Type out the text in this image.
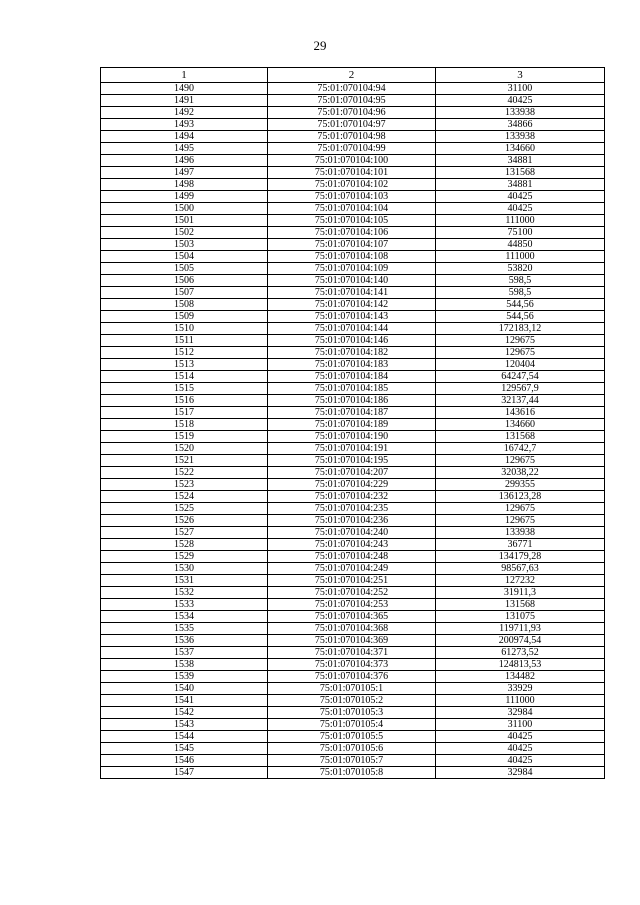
29
1	2	3
1490	75:01:070104:94	31100
1491	75:01:070104:95	40425
1492	75:01:070104:96	133938
1493	75:01:070104:97	34866
1494	75:01:070104:98	133938
1495	75:01:070104:99	134660
1496	75:01:070104:100	34881
1497	75:01:070104:101	131568
1498	75:01:070104:102	34881
1499	75:01:070104:103	40425
1500	75:01:070104:104	40425
1501	75:01:070104:105	111000
1502	75:01:070104:106	75100
1503	75:01:070104:107	44850
1504	75:01:070104:108	111000
1505	75:01:070104:109	53820
1506	75:01:070104:140	598,5
1507	75:01:070104:141	598,5
1508	75:01:070104:142	544,56
1509	75:01:070104:143	544,56
1510	75:01:070104:144	172183,12
1511	75:01:070104:146	129675
1512	75:01:070104:182	129675
1513	75:01:070104:183	120404
1514	75:01:070104:184	64247,54
1515	75:01:070104:185	129567,9
1516	75:01:070104:186	32137,44
1517	75:01:070104:187	143616
1518	75:01:070104:189	134660
1519	75:01:070104:190	131568
1520	75:01:070104:191	16742,7
1521	75:01:070104:195	129675
1522	75:01:070104:207	32038,22
1523	75:01:070104:229	299355
1524	75:01:070104:232	136123,28
1525	75:01:070104:235	129675
1526	75:01:070104:236	129675
1527	75:01:070104:240	133938
1528	75:01:070104:243	36771
1529	75:01:070104:248	134179,28
1530	75:01:070104:249	98567,63
1531	75:01:070104:251	127232
1532	75:01:070104:252	31911,3
1533	75:01:070104:253	131568
1534	75:01:070104:365	131075
1535	75:01:070104:368	119711,93
1536	75:01:070104:369	200974,54
1537	75:01:070104:371	61273,52
1538	75:01:070104:373	124813,53
1539	75:01:070104:376	134482
1540	75:01:070105:1	33929
1541	75:01:070105:2	111000
1542	75:01:070105:3	32984
1543	75:01:070105:4	31100
1544	75:01:070105:5	40425
1545	75:01:070105:6	40425
1546	75:01:070105:7	40425
1547	75:01:070105:8	32984
